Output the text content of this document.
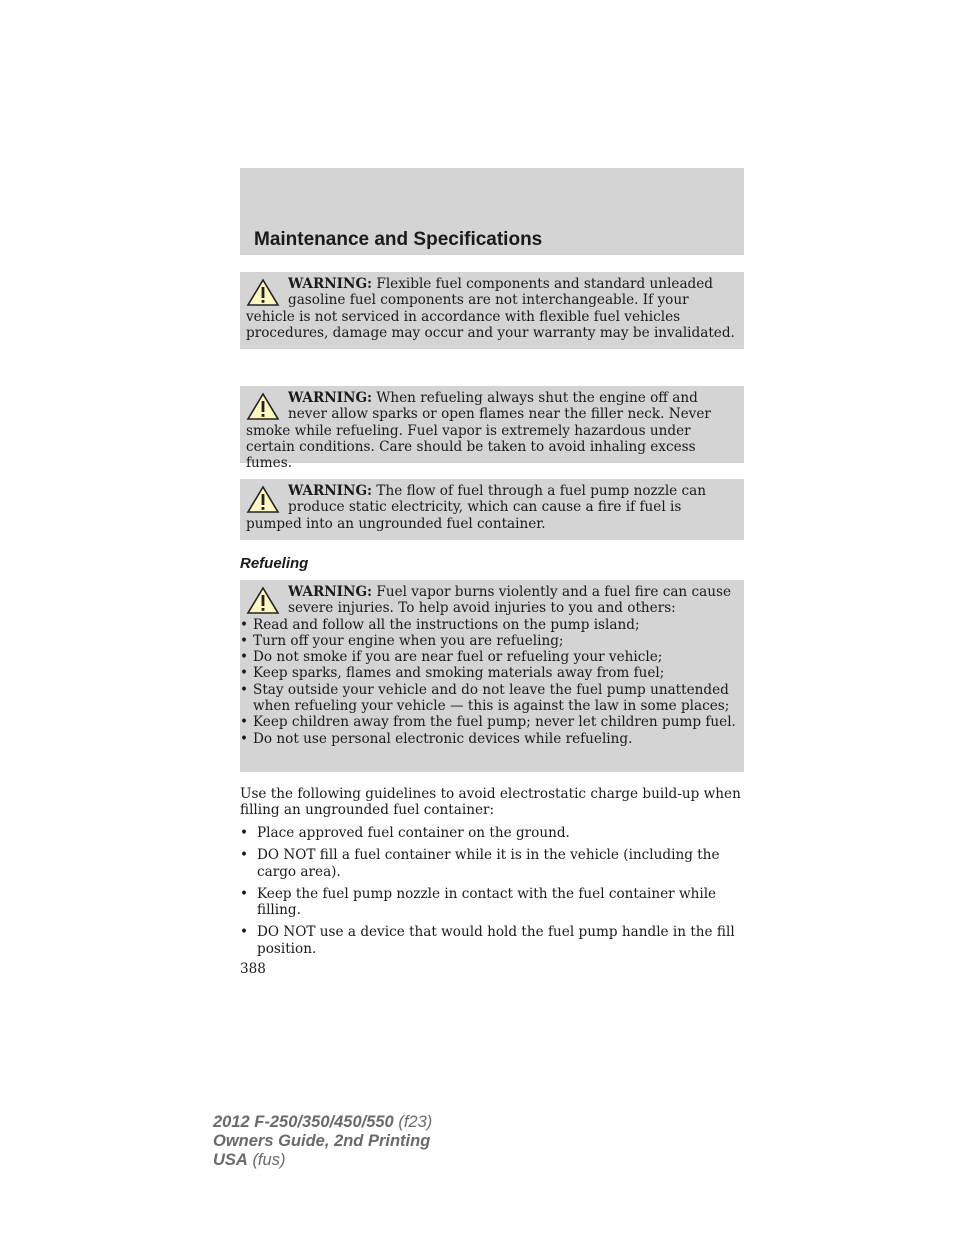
Maintenance and Specifications
WARNING: Flexible fuel components and standard unleaded gasoline fuel components are not interchangeable. If your vehicle is not serviced in accordance with flexible fuel vehicles procedures, damage may occur and your warranty may be invalidated.
WARNING: When refueling always shut the engine off and never allow sparks or open flames near the filler neck. Never smoke while refueling. Fuel vapor is extremely hazardous under certain conditions. Care should be taken to avoid inhaling excess fumes.
WARNING: The flow of fuel through a fuel pump nozzle can produce static electricity, which can cause a fire if fuel is pumped into an ungrounded fuel container.
Refueling
WARNING: Fuel vapor burns violently and a fuel fire can cause severe injuries. To help avoid injuries to you and others:
• Read and follow all the instructions on the pump island;
• Turn off your engine when you are refueling;
• Do not smoke if you are near fuel or refueling your vehicle;
• Keep sparks, flames and smoking materials away from fuel;
• Stay outside your vehicle and do not leave the fuel pump unattended when refueling your vehicle — this is against the law in some places;
• Keep children away from the fuel pump; never let children pump fuel.
• Do not use personal electronic devices while refueling.
Use the following guidelines to avoid electrostatic charge build-up when filling an ungrounded fuel container:
• Place approved fuel container on the ground.
• DO NOT fill a fuel container while it is in the vehicle (including the cargo area).
• Keep the fuel pump nozzle in contact with the fuel container while filling.
• DO NOT use a device that would hold the fuel pump handle in the fill position.
388
2012 F-250/350/450/550 (f23)
Owners Guide, 2nd Printing
USA (fus)
